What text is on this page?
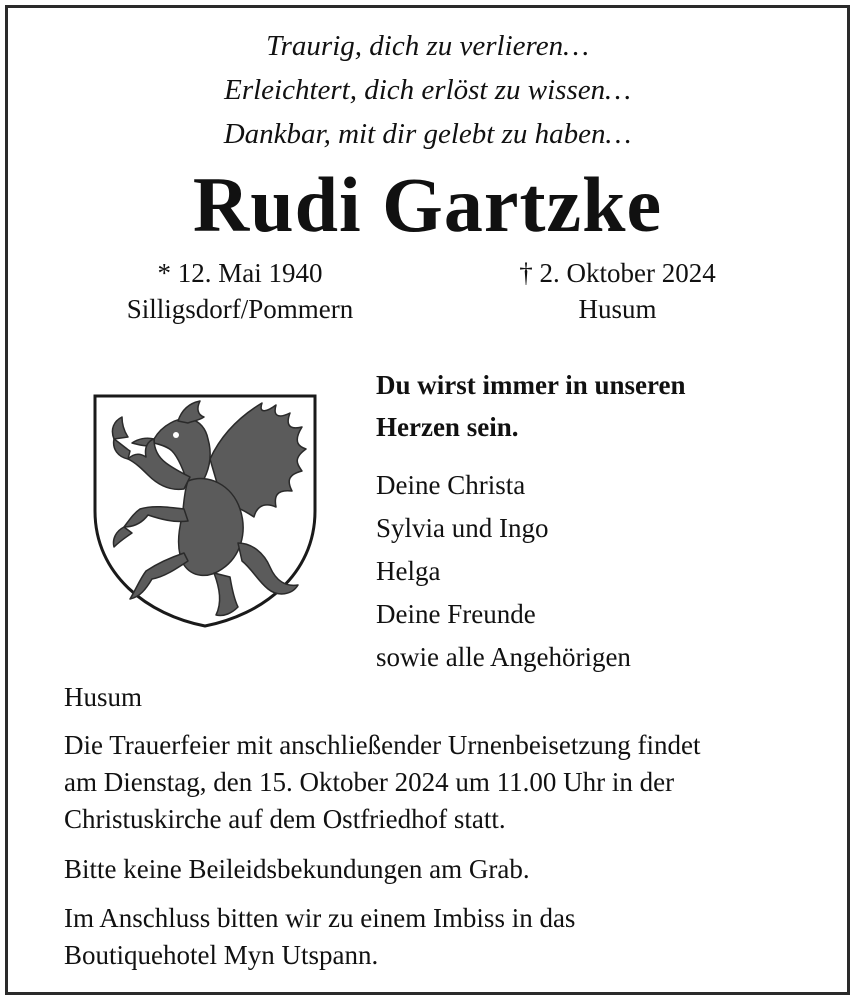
Traurig, dich zu verlieren…
Erleichtert, dich erlöst zu wissen…
Dankbar, mit dir gelebt zu haben…
Rudi Gartzke
* 12. Mai 1940
Silligsdorf/Pommern
† 2. Oktober 2024
Husum
Du wirst immer in unseren
Herzen sein.
Deine Christa
Sylvia und Ingo
Helga
Deine Freunde
sowie alle Angehörigen
Husum
Die Trauerfeier mit anschließender Urnenbeisetzung findet
am Dienstag, den 15. Oktober 2024 um 11.00 Uhr in der
Christuskirche auf dem Ostfriedhof statt.
Bitte keine Beileidsbekundungen am Grab.
Im Anschluss bitten wir zu einem Imbiss in das
Boutiquehotel Myn Utspann.
